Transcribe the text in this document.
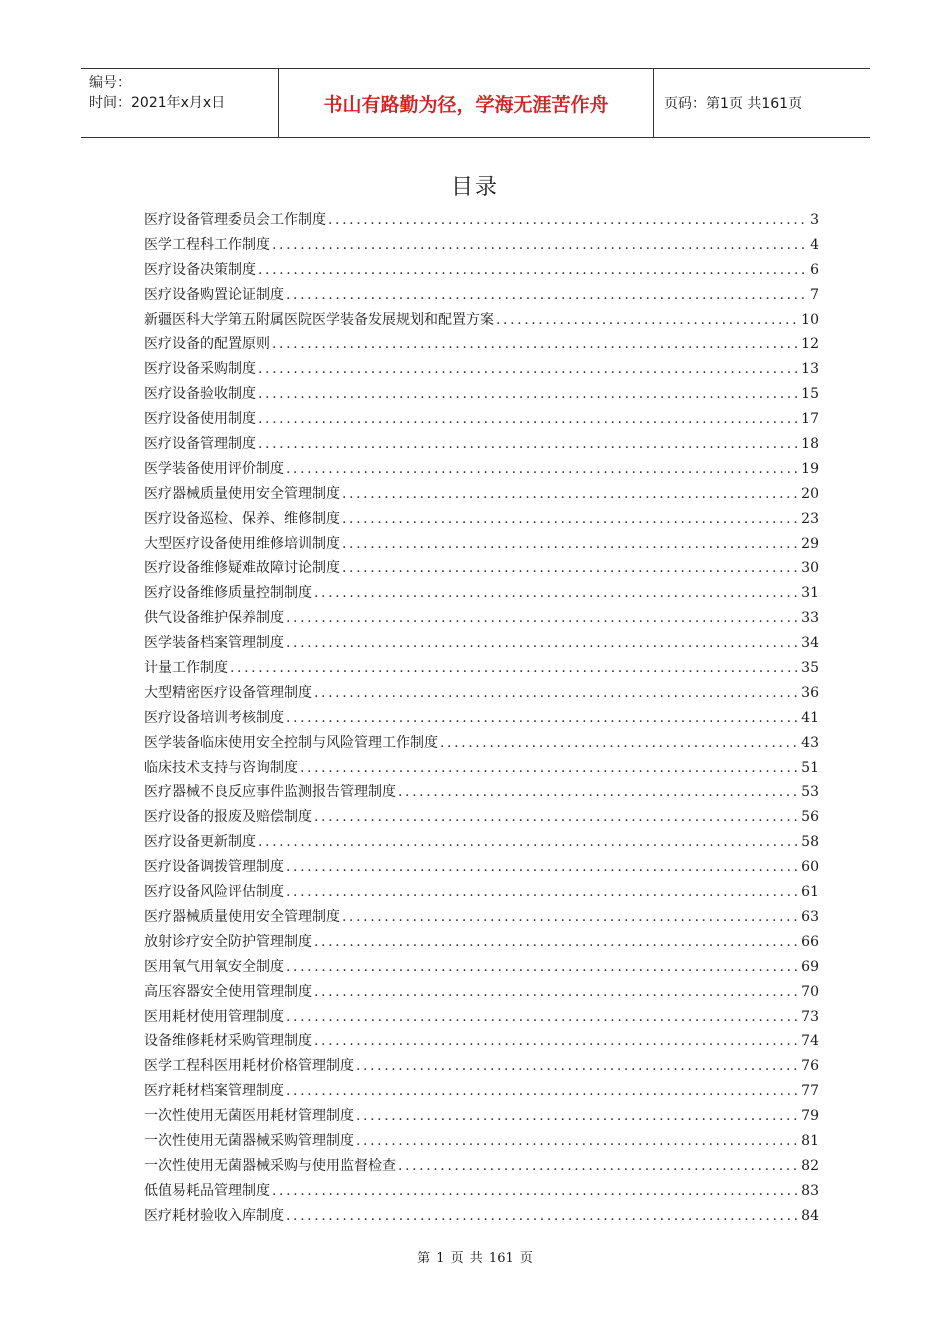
编号：
时间：2021年x月x日	书山有路勤为径，学海无涯苦作舟	页码：第1页 共161页
目录
医疗设备管理委员会工作制度 .....	3
医学工程科工作制度 .....	4
医疗设备决策制度 .....	6
医疗设备购置论证制度 .....	7
新疆医科大学第五附属医院医学装备发展规划和配置方案 .....	10
医疗设备的配置原则 .....	12
医疗设备采购制度 .....	13
医疗设备验收制度 .....	15
医疗设备使用制度 .....	17
医疗设备管理制度 .....	18
医学装备使用评价制度 .....	19
医疗器械质量使用安全管理制度 .....	20
医疗设备巡检、保养、维修制度 .....	23
大型医疗设备使用维修培训制度 .....	29
医疗设备维修疑难故障讨论制度 .....	30
医疗设备维修质量控制制度 .....	31
供气设备维护保养制度 .....	33
医学装备档案管理制度 .....	34
计量工作制度 .....	35
大型精密医疗设备管理制度 .....	36
医疗设备培训考核制度 .....	41
医学装备临床使用安全控制与风险管理工作制度 .....	43
临床技术支持与咨询制度 .....	51
医疗器械不良反应事件监测报告管理制度 .....	53
医疗设备的报废及赔偿制度 .....	56
医疗设备更新制度 .....	58
医疗设备调拨管理制度 .....	60
医疗设备风险评估制度 .....	61
医疗器械质量使用安全管理制度 .....	63
放射诊疗安全防护管理制度 .....	66
医用氧气用氧安全制度 .....	69
高压容器安全使用管理制度 .....	70
医用耗材使用管理制度 .....	73
设备维修耗材采购管理制度 .....	74
医学工程科医用耗材价格管理制度 .....	76
医疗耗材档案管理制度 .....	77
一次性使用无菌医用耗材管理制度 .....	79
一次性使用无菌器械采购管理制度 .....	81
一次性使用无菌器械采购与使用监督检查 .....	82
低值易耗品管理制度 .....	83
医疗耗材验收入库制度 .....	84
第 1 页 共 161 页
